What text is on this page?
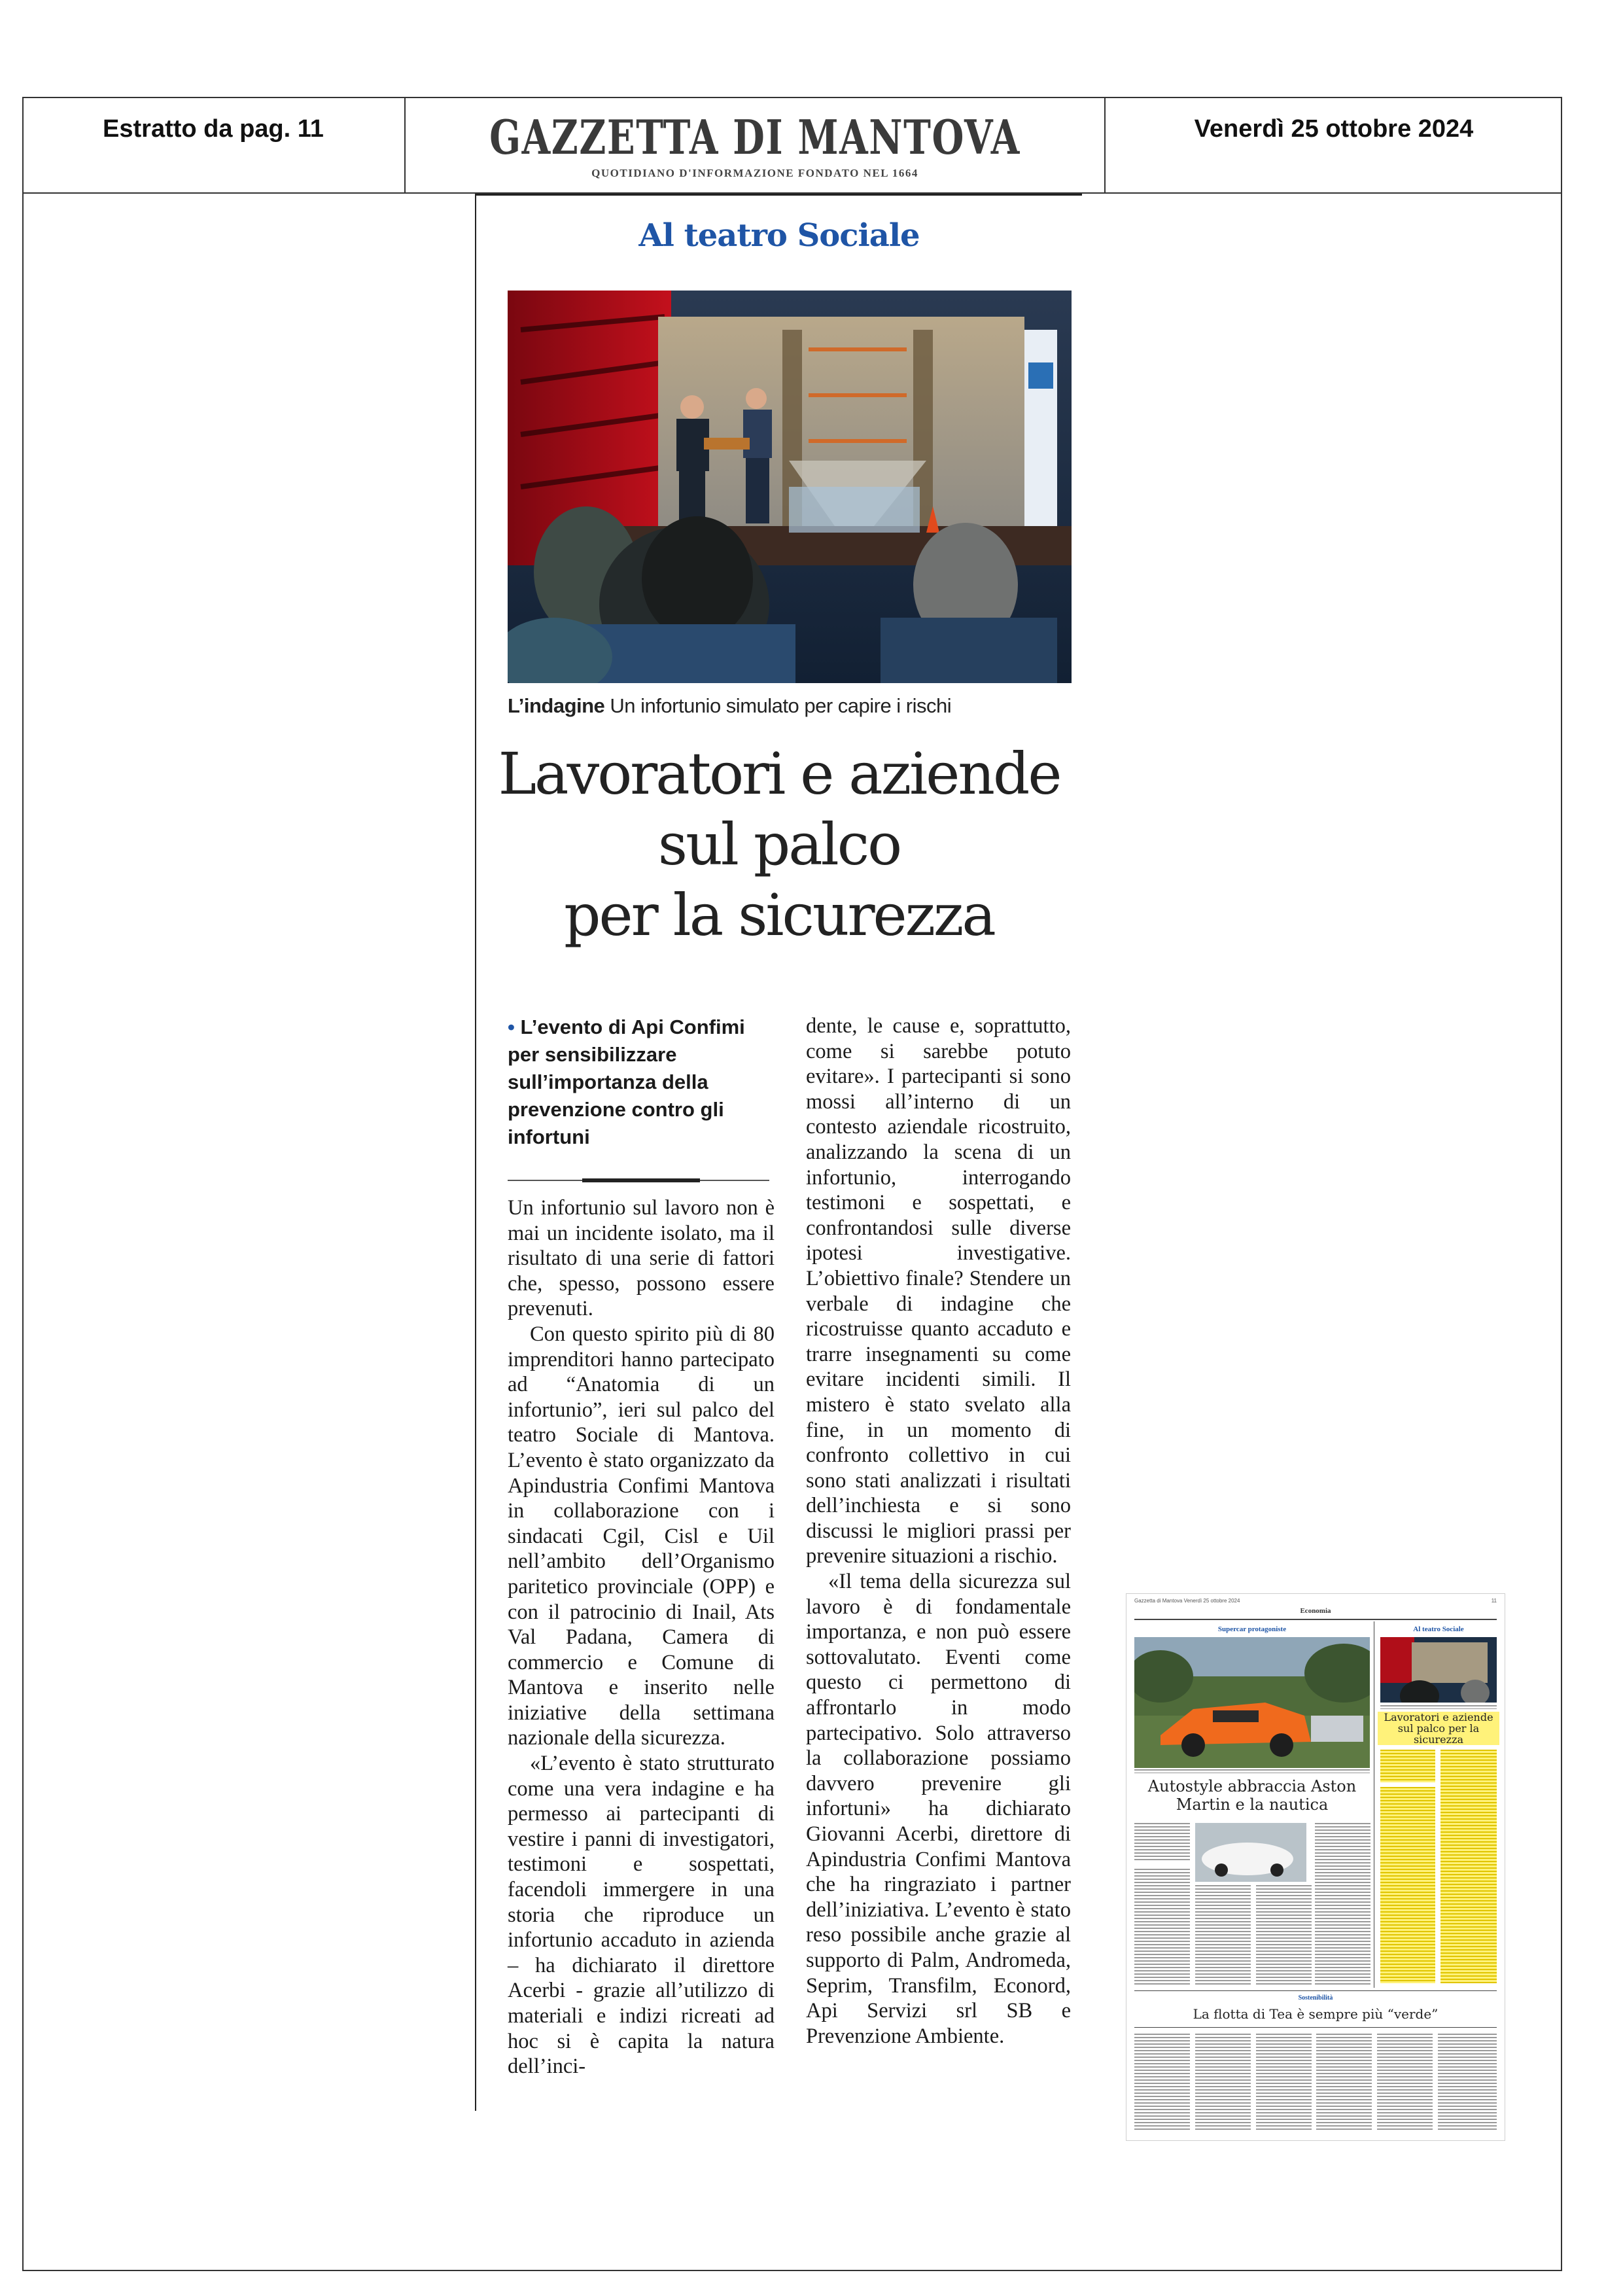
Estratto da pag. 11	GAZZETTA DI MANTOVA
QUOTIDIANO D'INFORMAZIONE FONDATO NEL 1664
Venerdì 25 ottobre 2024
Al teatro Sociale
L’indagine Un infortunio simulato per capire i rischi
Lavoratori e aziende
sul palco
per la sicurezza
• L’evento di Api Confimi per sensibilizzare sull’importanza della prevenzione contro gli infortuni

Un infortunio sul lavoro non è mai un incidente isolato, ma il risultato di una serie di fattori che, spesso, possono essere prevenuti.

Con questo spirito più di 80 imprenditori hanno partecipato ad “Anatomia di un infortunio”, ieri sul palco del teatro Sociale di Mantova. L’evento è stato organizzato da Apindustria Confimi Mantova in collaborazione con i sindacati Cgil, Cisl e Uil nell’ambito dell’Organismo paritetico provinciale (OPP) e con il patrocinio di Inail, Ats Val Padana, Camera di commercio e Comune di Mantova e inserito nelle iniziative della settimana nazionale della sicurezza.

«L’evento è stato strutturato come una vera indagine e ha permesso ai partecipanti di vestire i panni di investigatori, testimoni e sospettati, facendoli immergere in una storia che riproduce un infortunio accaduto in azienda – ha dichiarato il direttore Acerbi - grazie all’utilizzo di materiali e indizi ricreati ad hoc si è capita la natura dell’inci-

dente, le cause e, soprattutto, come si sarebbe potuto evitare». I partecipanti si sono mossi all’interno di un contesto aziendale ricostruito, analizzando la scena di un infortunio, interrogando testimoni e sospettati, e confrontandosi sulle diverse ipotesi investigative. L’obiettivo finale? Stendere un verbale di indagine che ricostruisse quanto accaduto e trarre insegnamenti su come evitare incidenti simili. Il mistero è stato svelato alla fine, in un momento di confronto collettivo in cui sono stati analizzati i risultati dell’inchiesta e si sono discussi le migliori prassi per prevenire situazioni a rischio.

«Il tema della sicurezza sul lavoro è di fondamentale importanza, e non può essere sottovalutato. Eventi come questo ci permettono di affrontarlo in modo partecipativo. Solo attraverso la collaborazione possiamo davvero prevenire gli infortuni» ha dichiarato Giovanni Acerbi, direttore di Apindustria Confimi Mantova che ha ringraziato i partner dell’iniziativa. L’evento è stato reso possibile anche grazie al supporto di Palm, Andromeda, Seprim, Transfilm, Econord, Api Servizi srl SB e Prevenzione Ambiente.

Gazzetta di Mantova Venerdì 25 ottobre 2024	11
Economia
Supercar protagoniste	Al teatro Sociale
Autostyle abbraccia Aston Martin e la nautica
Lavoratori e aziende sul palco per la sicurezza
Sostenibilità
La flotta di Tea è sempre più “verde”
